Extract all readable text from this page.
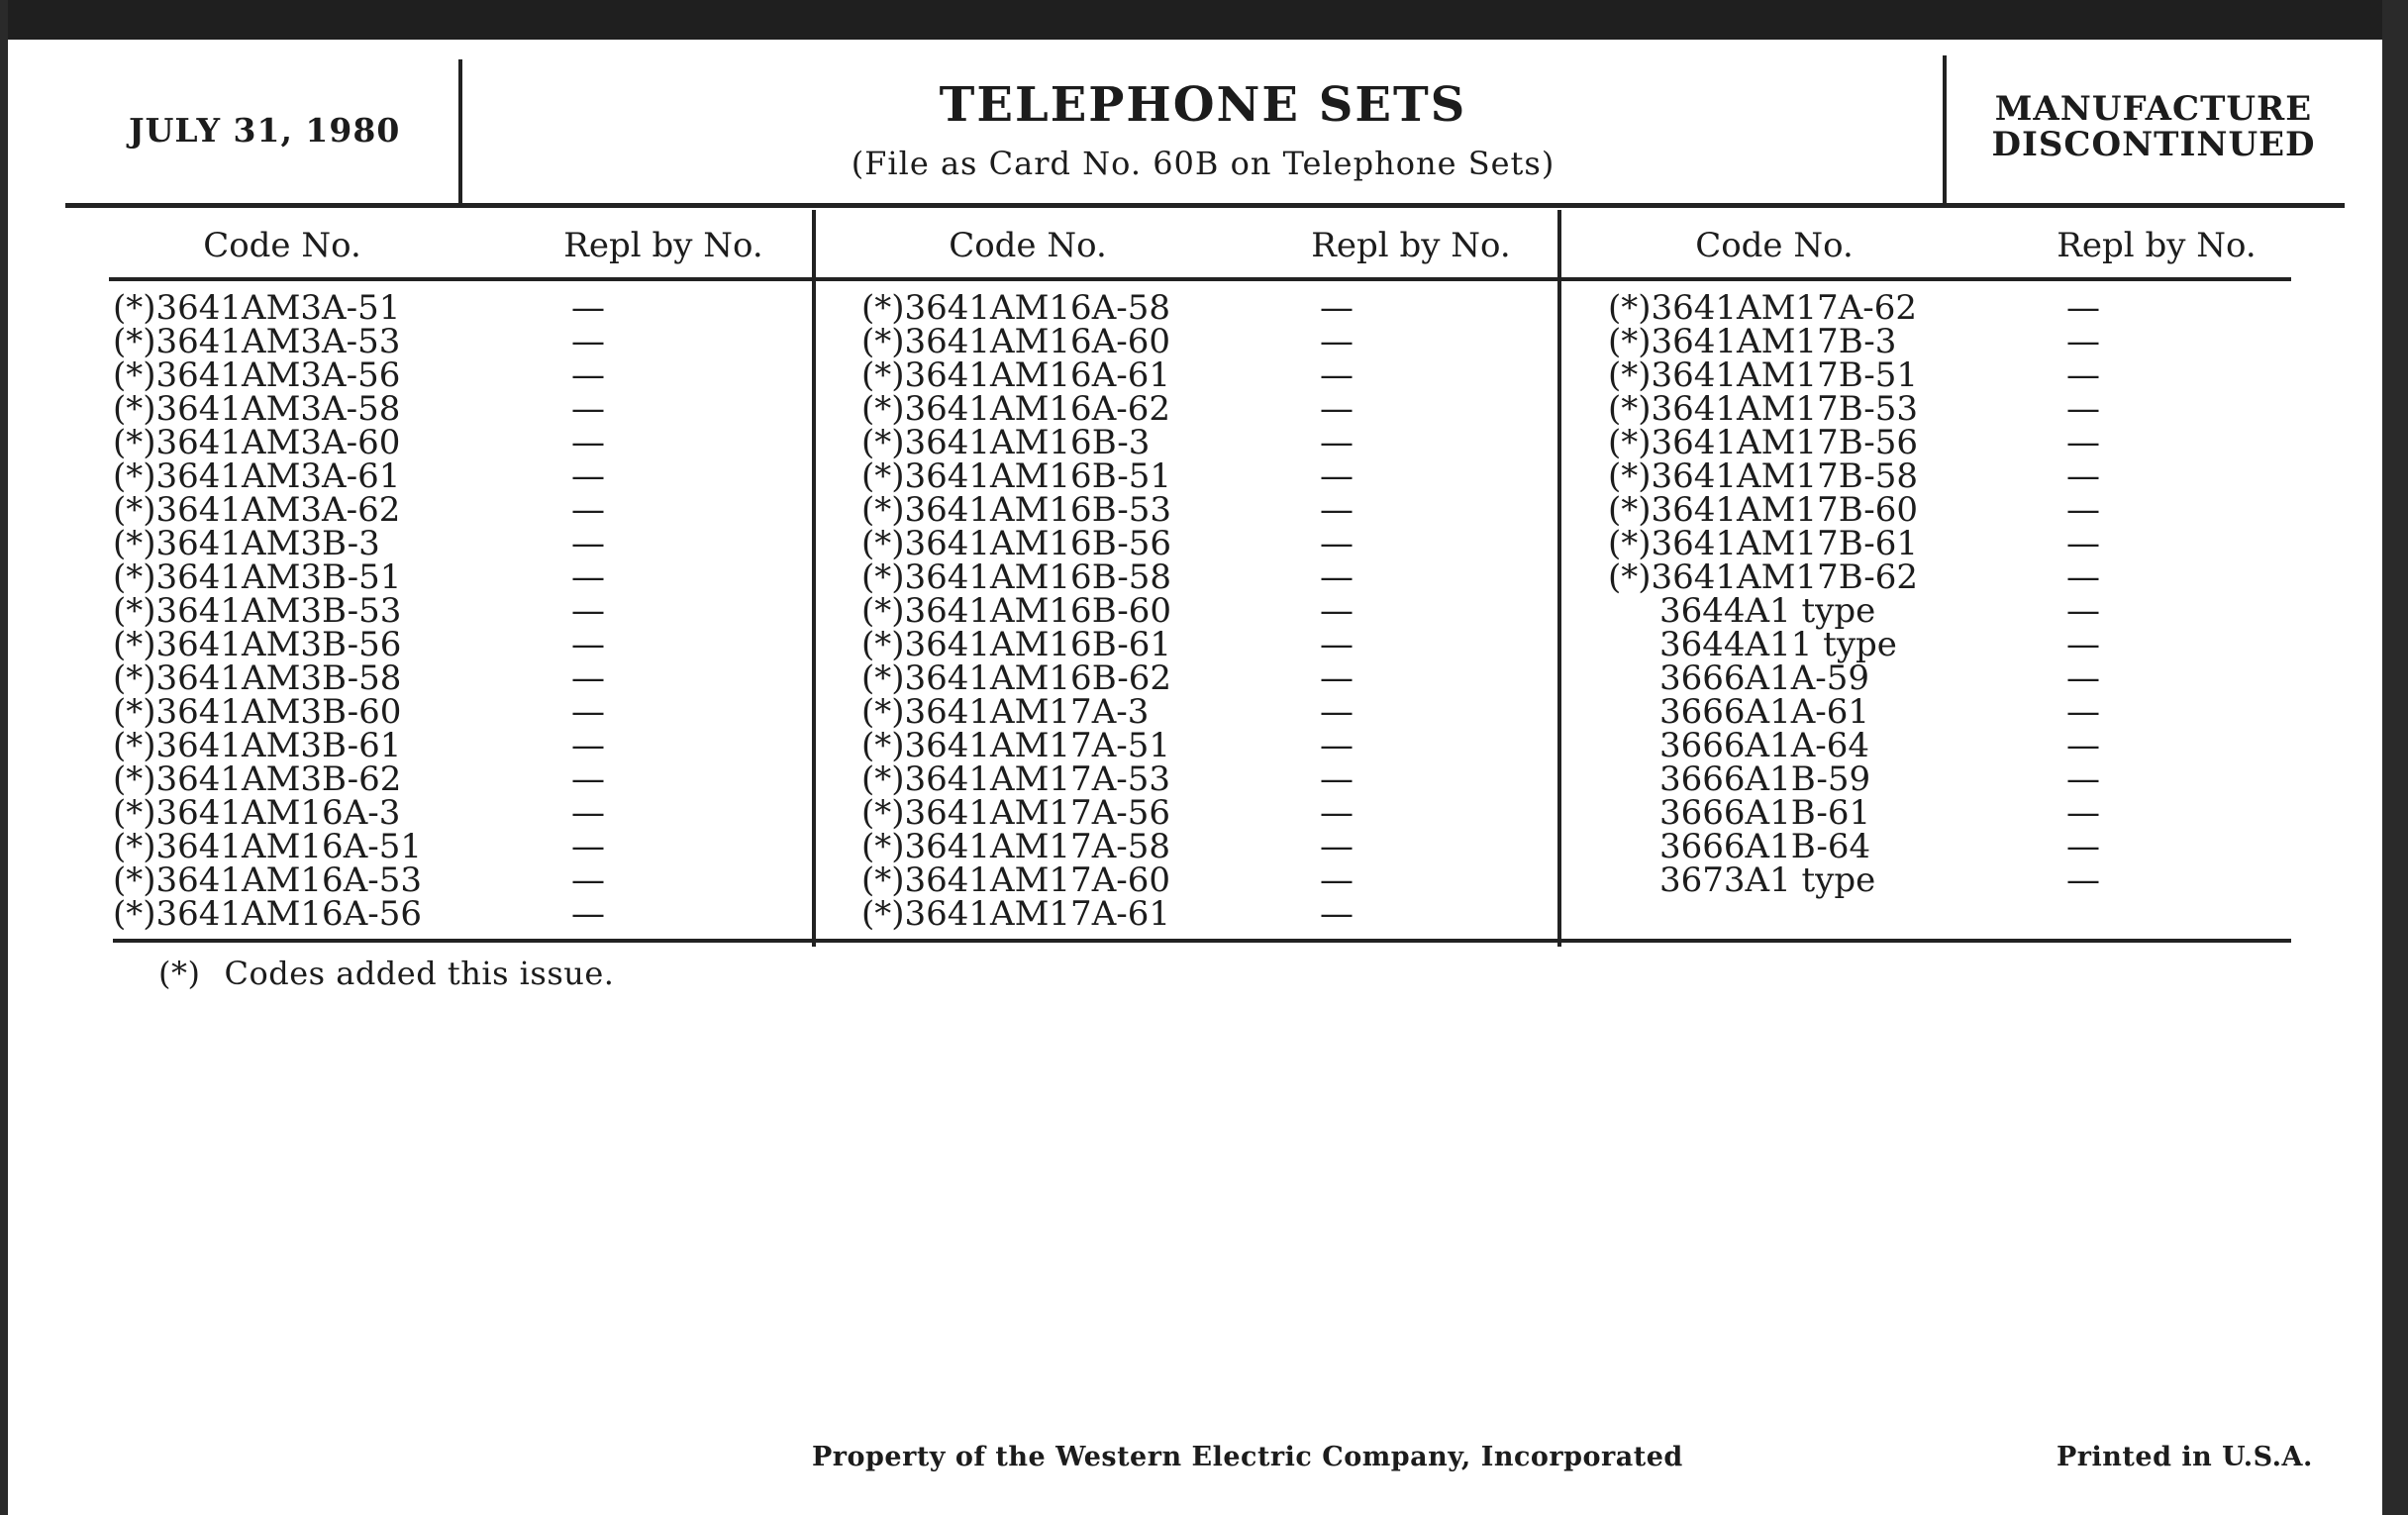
JULY 31, 1980	TELEPHONE SETS
(File as Card No. 60B on Telephone Sets)
MANUFACTURE
DISCONTINUED
Code No.	Repl by No.	Code No.	Repl by No.	Code No.	Repl by No.
(*)3641AM3A-51	—
(*)3641AM3A-53	—
(*)3641AM3A-56	—
(*)3641AM3A-58	—
(*)3641AM3A-60	—
(*)3641AM3A-61	—
(*)3641AM3A-62	—
(*)3641AM3B-3	—
(*)3641AM3B-51	—
(*)3641AM3B-53	—
(*)3641AM3B-56	—
(*)3641AM3B-58	—
(*)3641AM3B-60	—
(*)3641AM3B-61	—
(*)3641AM3B-62	—
(*)3641AM16A-3	—
(*)3641AM16A-51	—
(*)3641AM16A-53	—
(*)3641AM16A-56	—
(*)3641AM16A-58	—
(*)3641AM16A-60	—
(*)3641AM16A-61	—
(*)3641AM16A-62	—
(*)3641AM16B-3	—
(*)3641AM16B-51	—
(*)3641AM16B-53	—
(*)3641AM16B-56	—
(*)3641AM16B-58	—
(*)3641AM16B-60	—
(*)3641AM16B-61	—
(*)3641AM16B-62	—
(*)3641AM17A-3	—
(*)3641AM17A-51	—
(*)3641AM17A-53	—
(*)3641AM17A-56	—
(*)3641AM17A-58	—
(*)3641AM17A-60	—
(*)3641AM17A-61	—
(*)3641AM17A-62	—
(*)3641AM17B-3	—
(*)3641AM17B-51	—
(*)3641AM17B-53	—
(*)3641AM17B-56	—
(*)3641AM17B-58	—
(*)3641AM17B-60	—
(*)3641AM17B-61	—
(*)3641AM17B-62	—
3644A1 type	—
3644A11 type	—
3666A1A-59	—
3666A1A-61	—
3666A1A-64	—
3666A1B-59	—
3666A1B-61	—
3666A1B-64	—
3673A1 type	—
(*) Codes added this issue.
Property of the Western Electric Company, Incorporated	Printed in U.S.A.
